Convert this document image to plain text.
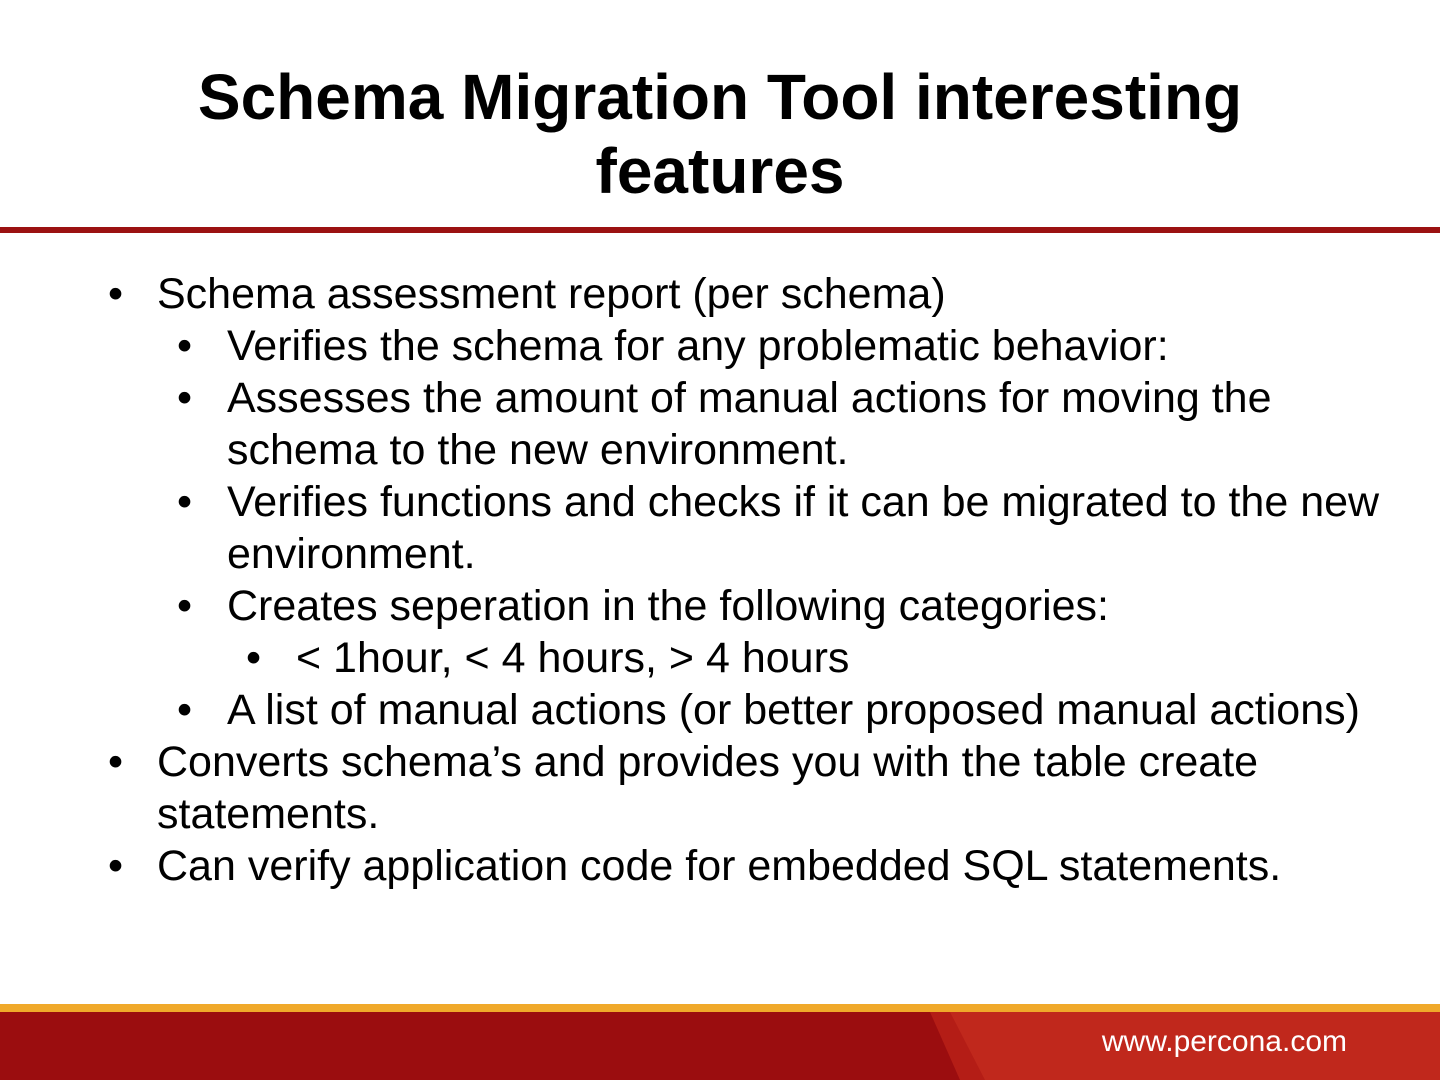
Schema Migration Tool interesting
features
• Schema assessment report (per schema)
• Verifies the schema for any problematic behavior:
• Assesses the amount of manual actions for moving the schema to the new environment.
• Verifies functions and checks if it can be migrated to the new environment.
• Creates seperation in the following categories:
• < 1hour, < 4 hours, > 4 hours
• A list of manual actions (or better proposed manual actions)
• Converts schema’s and provides you with the table create statements.
• Can verify application code for embedded SQL statements.
www.percona.com
